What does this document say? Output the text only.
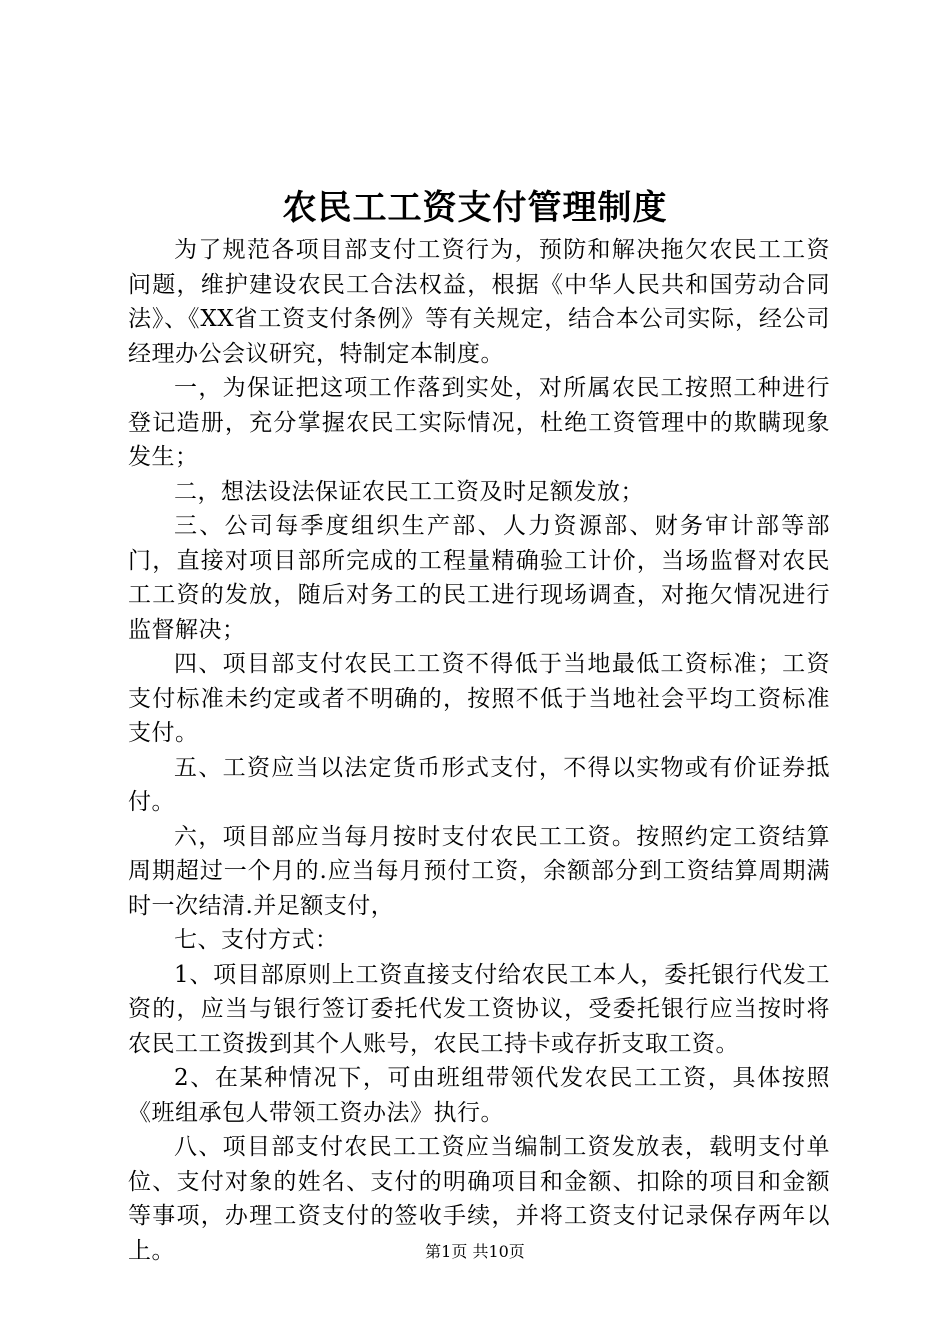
农民工工资支付管理制度

为了规范各项目部支付工资行为，预防和解决拖欠农民工工资问题，维护建设农民工合法权益，根据《中华人民共和国劳动合同法》、《XX省工资支付条例》等有关规定，结合本公司实际，经公司经理办公会议研究，特制定本制度。

一，为保证把这项工作落到实处，对所属农民工按照工种进行登记造册，充分掌握农民工实际情况，杜绝工资管理中的欺瞒现象发生；

二，想法设法保证农民工工资及时足额发放；

三、公司每季度组织生产部、人力资源部、财务审计部等部门，直接对项目部所完成的工程量精确验工计价，当场监督对农民工工资的发放，随后对务工的民工进行现场调查，对拖欠情况进行监督解决；

四、项目部支付农民工工资不得低于当地最低工资标准；工资支付标准未约定或者不明确的，按照不低于当地社会平均工资标准支付。

五、工资应当以法定货币形式支付，不得以实物或有价证券抵付。

六，项目部应当每月按时支付农民工工资。按照约定工资结算周期超过一个月的.应当每月预付工资，余额部分到工资结算周期满时一次结清.并足额支付，

七、支付方式：

1、项目部原则上工资直接支付给农民工本人，委托银行代发工资的，应当与银行签订委托代发工资协议，受委托银行应当按时将农民工工资拨到其个人账号，农民工持卡或存折支取工资。

2、在某种情况下，可由班组带领代发农民工工资，具体按照《班组承包人带领工资办法》执行。

八、项目部支付农民工工资应当编制工资发放表，载明支付单位、支付对象的姓名、支付的明确项目和金额、扣除的项目和金额等事项，办理工资支付的签收手续，并将工资支付记录保存两年以上。	第1页 共10页
